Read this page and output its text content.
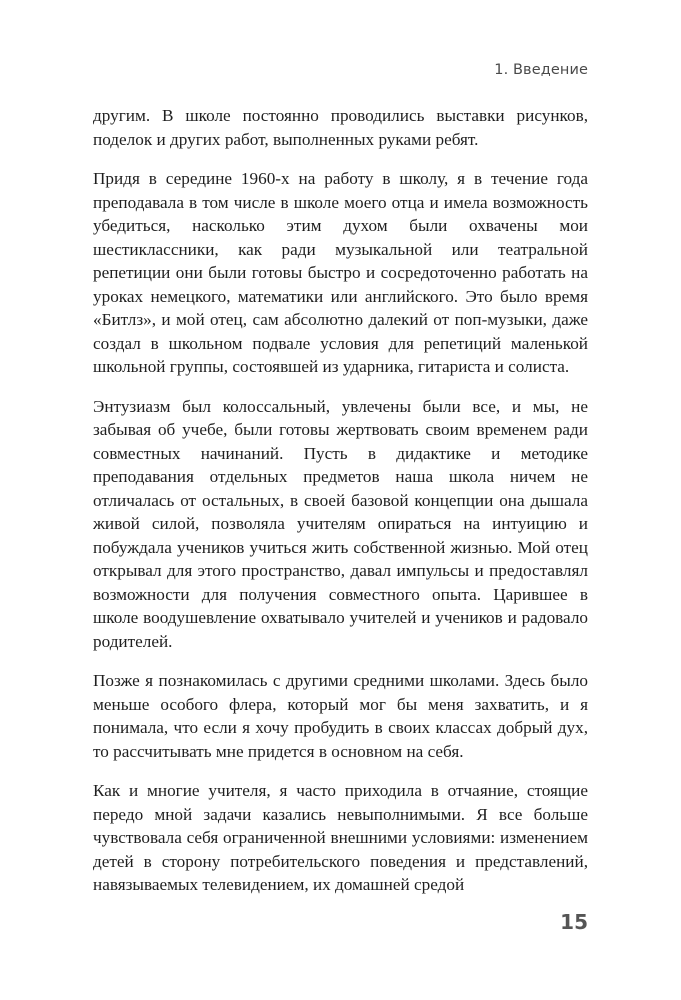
1. Введение

другим. В школе постоянно проводились выставки рисунков, поделок и других работ, выполненных руками ребят.

Придя в середине 1960-х на работу в школу, я в течение года преподавала в том числе в школе моего отца и имела возможность убедиться, насколько этим духом были охвачены мои шестиклассники, как ради музыкальной или театральной репетиции они были готовы быстро и сосредоточенно работать на уроках немецкого, математики или английского. Это было время «Битлз», и мой отец, сам абсолютно далекий от поп-музыки, даже создал в школьном подвале условия для репетиций маленькой школьной группы, состоявшей из ударника, гитариста и солиста.

Энтузиазм был колоссальный, увлечены были все, и мы, не забывая об учебе, были готовы жертвовать своим временем ради совместных начинаний. Пусть в дидактике и методике преподавания отдельных предметов наша школа ничем не отличалась от остальных, в своей базовой концепции она дышала живой силой, позволяла учителям опираться на интуицию и побуждала учеников учиться жить собственной жизнью. Мой отец открывал для этого пространство, давал импульсы и предоставлял возможности для получения совместного опыта. Царившее в школе воодушевление охватывало учителей и учеников и радовало родителей.

Позже я познакомилась с другими средними школами. Здесь было меньше особого флера, который мог бы меня захватить, и я понимала, что если я хочу пробудить в своих классах добрый дух, то рассчитывать мне придется в основном на себя.

Как и многие учителя, я часто приходила в отчаяние, стоящие передо мной задачи казались невыполнимыми. Я все больше чувствовала себя ограниченной внешними условиями: изменением детей в сторону потребительского поведения и представлений, навязываемых телевидением, их домашней средой

15
